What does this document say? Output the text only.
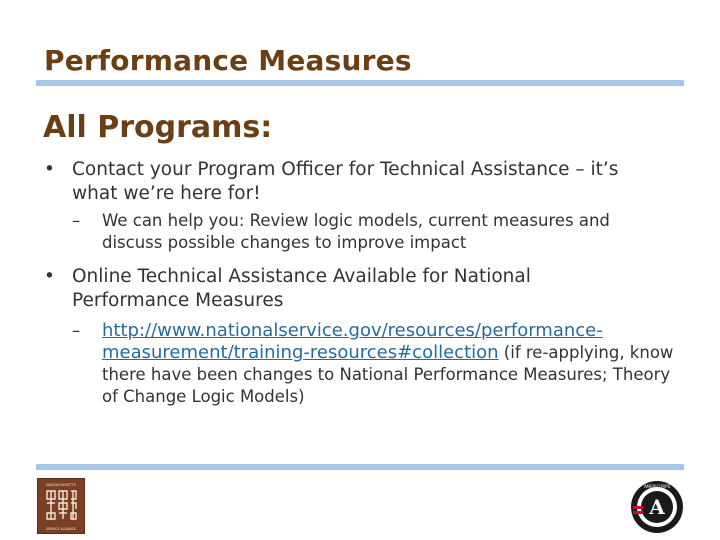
Performance Measures
All Programs:
• Contact your Program Officer for Technical Assistance – it’s what we’re here for!
–	We can help you: Review logic models, current measures and discuss possible changes to improve impact
• Online Technical Assistance Available for National Performance Measures
–	http://www.nationalservice.gov/resources/performance-measurement/training-resources#collection (if re-applying, know there have been changes to National Performance Measures; Theory of Change Logic Models)
MASSACHUSETTS
SERVICE ALLIANCE
A
AMERICORPS
